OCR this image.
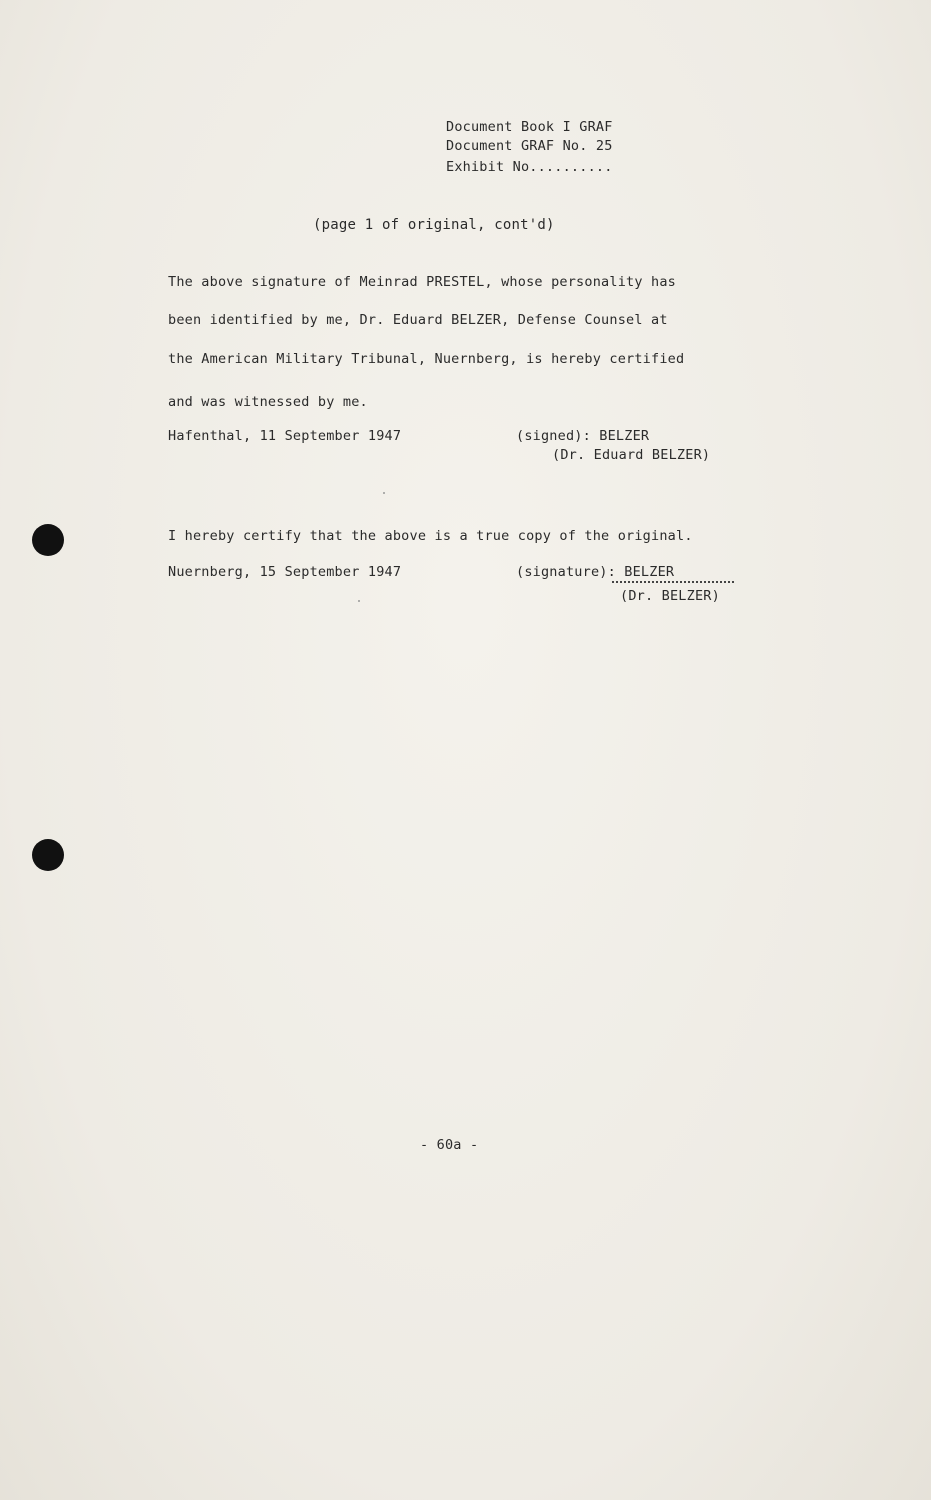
Document Book I GRAF
Document GRAF No. 25
Exhibit No..........
(page 1 of original, cont'd)
The above signature of Meinrad PRESTEL, whose personality has
been identified by me, Dr. Eduard BELZER, Defense Counsel at
the American Military Tribunal, Nuernberg, is hereby certified
and was witnessed by me.
Hafenthal, 11 September 1947	(signed): BELZER
(Dr. Eduard BELZER)
I hereby certify that the above is a true copy of the original.
Nuernberg, 15 September 1947	(signature): BELZER
(Dr. BELZER)
- 60a -
